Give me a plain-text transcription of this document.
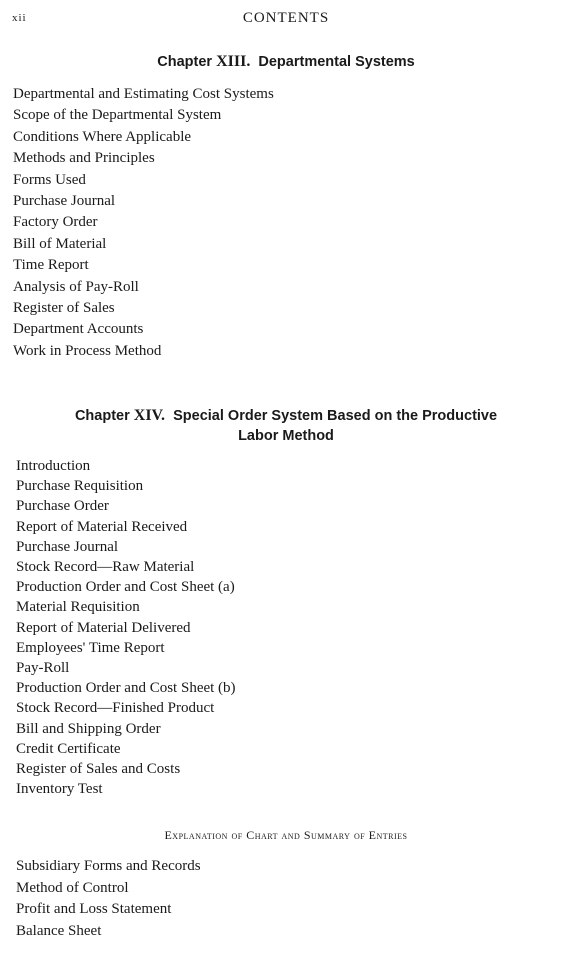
xii	CONTENTS
Chapter XIII. Departmental Systems
Departmental and Estimating Cost Systems
Scope of the Departmental System
Conditions Where Applicable
Methods and Principles
Forms Used
Purchase Journal
Factory Order
Bill of Material
Time Report
Analysis of Pay-Roll
Register of Sales
Department Accounts
Work in Process Method
Chapter XIV. Special Order System Based on the Productive
Labor Method
Introduction
Purchase Requisition
Purchase Order
Report of Material Received
Purchase Journal
Stock Record—Raw Material
Production Order and Cost Sheet (a)
Material Requisition
Report of Material Delivered
Employees' Time Report
Pay-Roll
Production Order and Cost Sheet (b)
Stock Record—Finished Product
Bill and Shipping Order
Credit Certificate
Register of Sales and Costs
Inventory Test
Explanation of Chart and Summary of Entries
Subsidiary Forms and Records
Method of Control
Profit and Loss Statement
Balance Sheet
